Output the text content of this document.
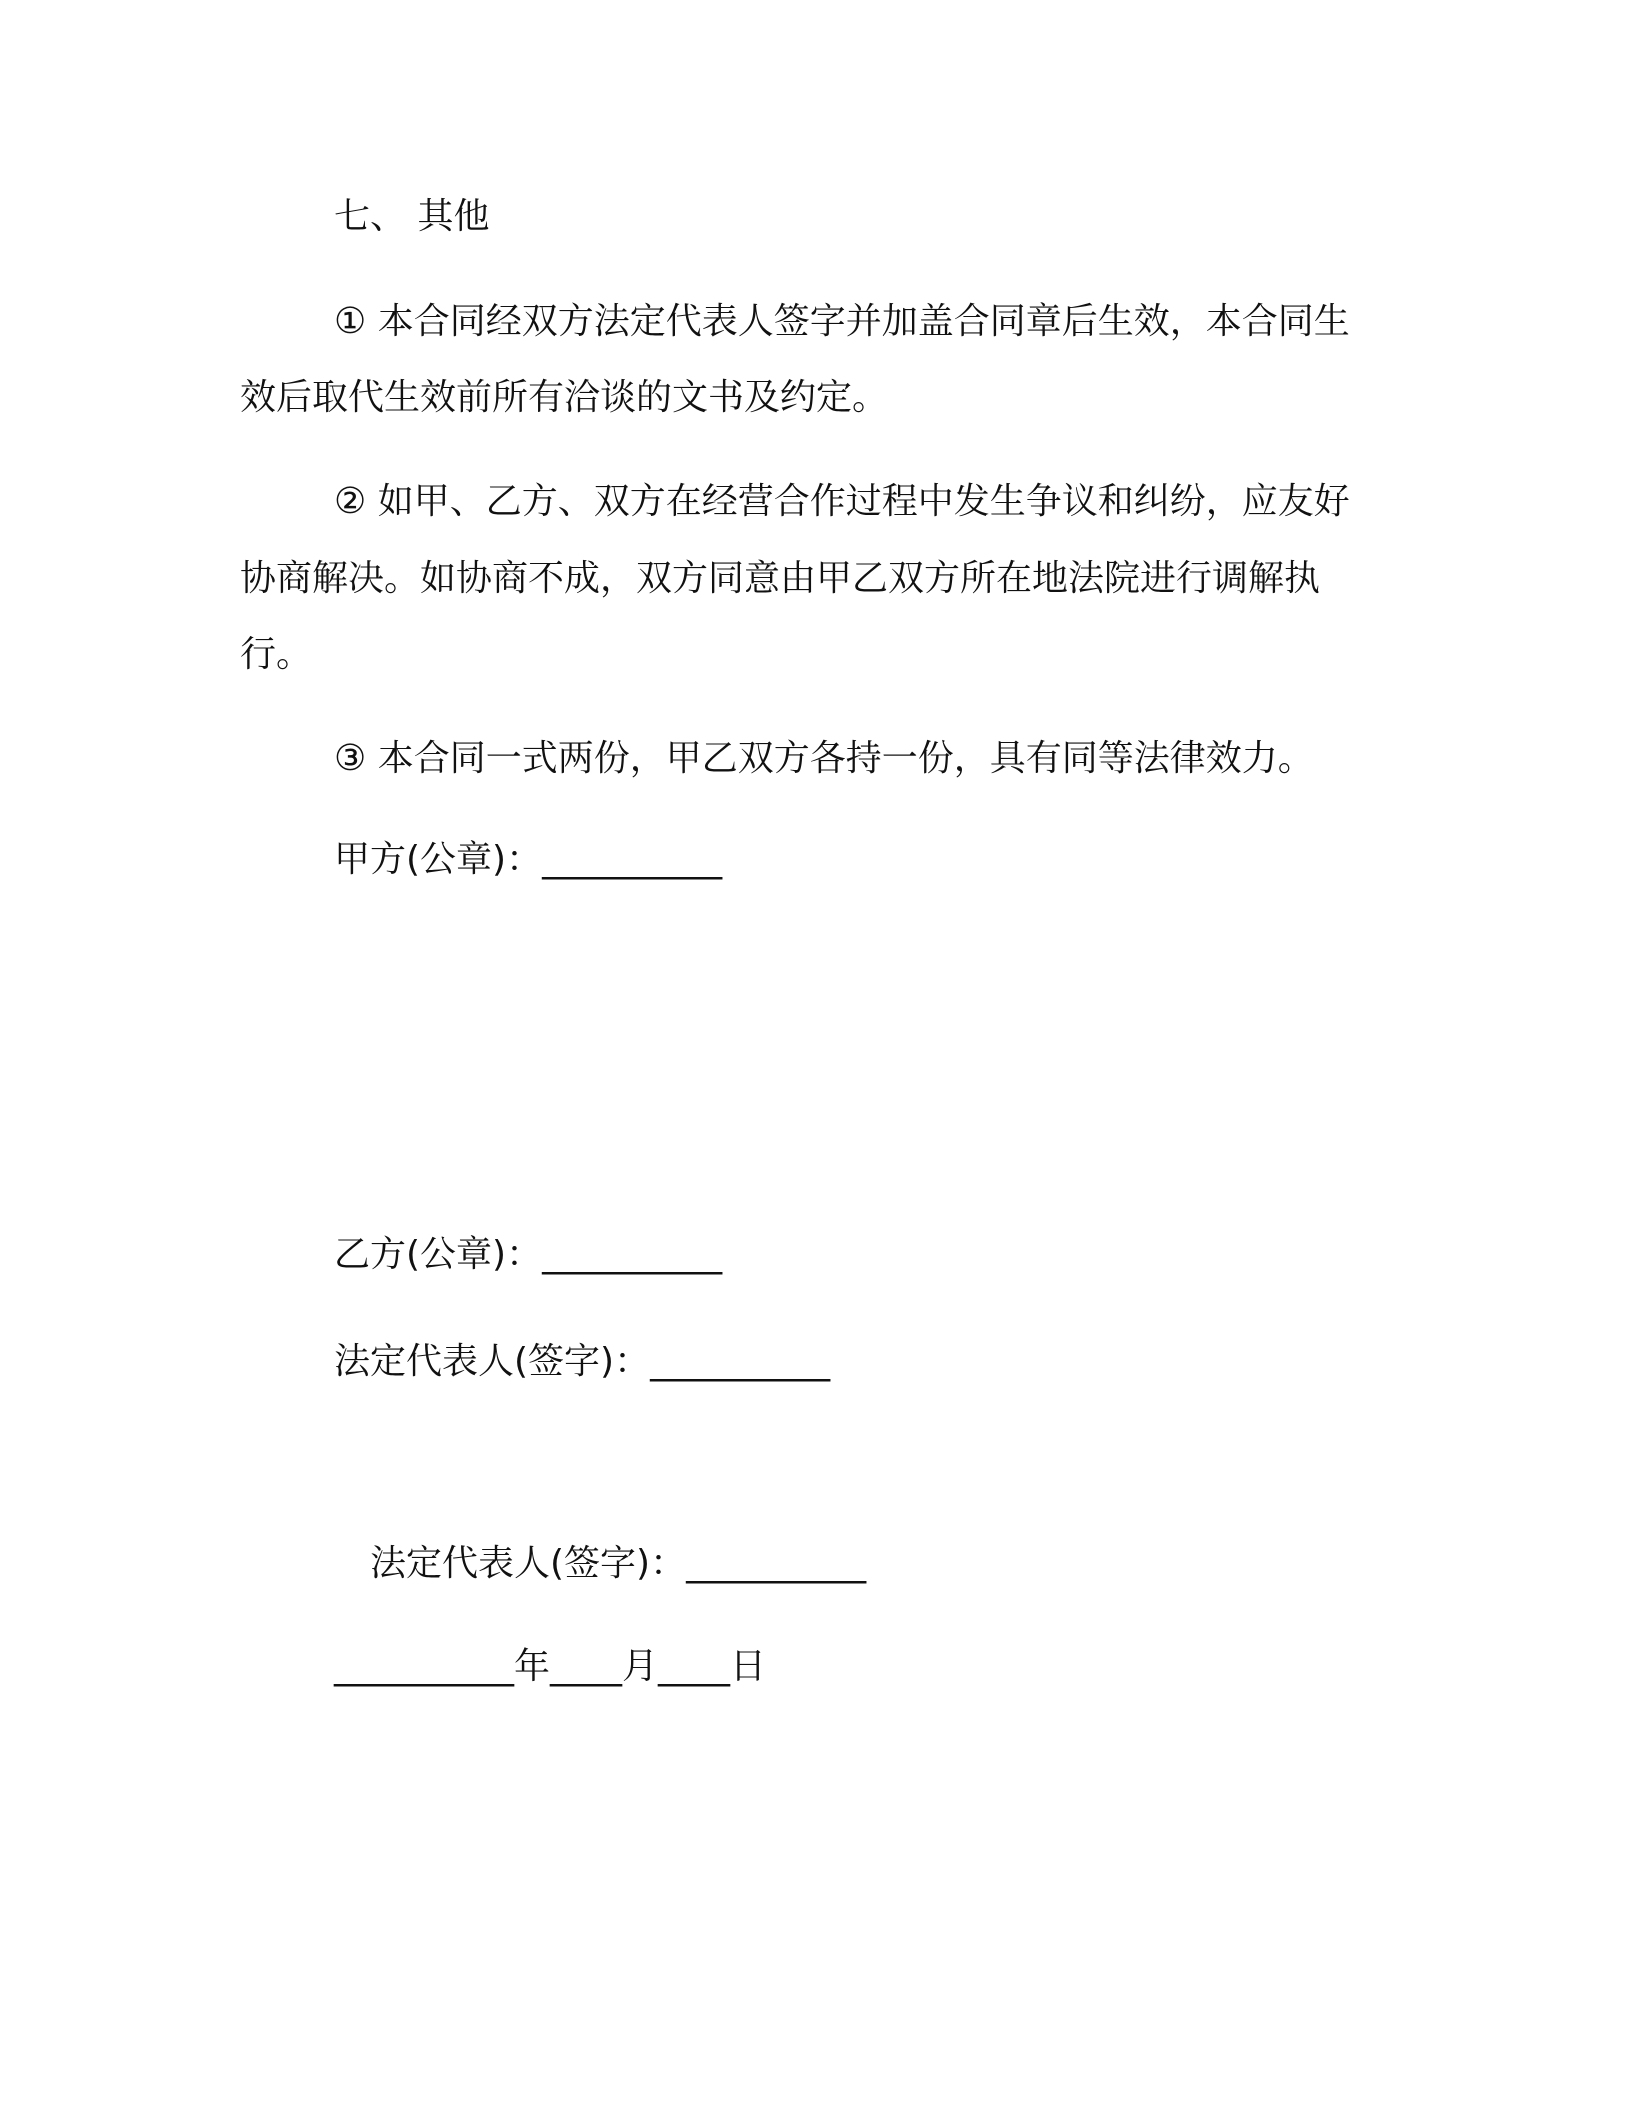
七、 其他

① 本合同经双方法定代表人签字并加盖合同章后生效，本合同生

效后取代生效前所有洽谈的文书及约定。

② 如甲、乙方、双方在经营合作过程中发生争议和纠纷，应友好

协商解决。如协商不成，双方同意由甲乙双方所在地法院进行调解执

行。

③ 本合同一式两份，甲乙双方各持一份，具有同等法律效力。

甲方(公章)：__________

乙方(公章)：__________

法定代表人(签字)：__________

法定代表人(签字)：__________

__________年____月____日
